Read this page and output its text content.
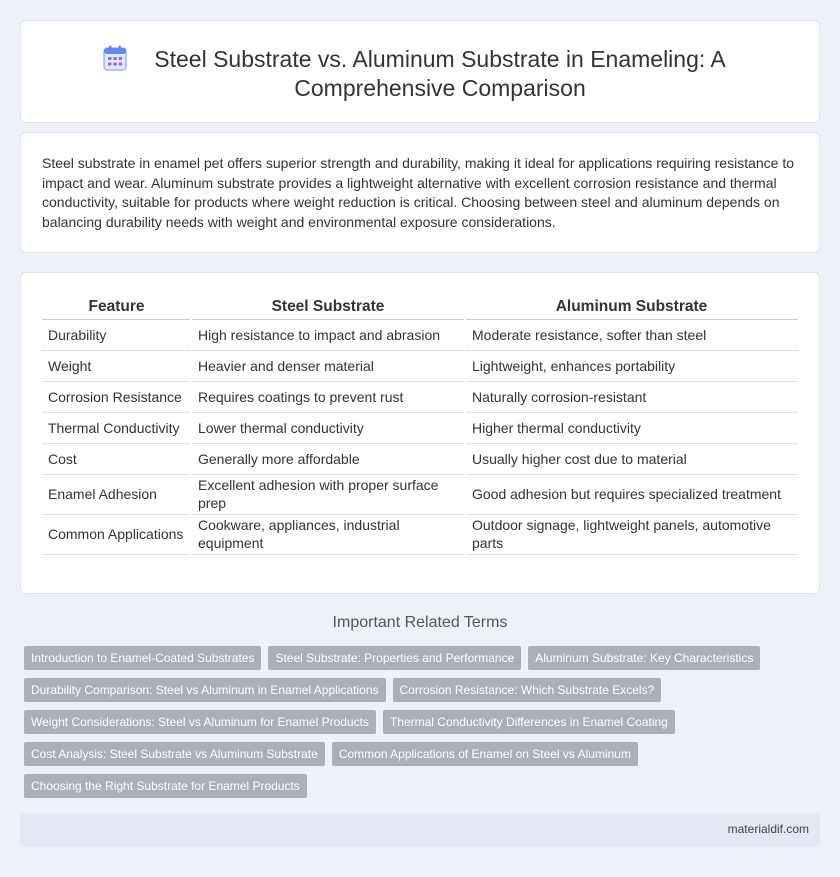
Steel Substrate vs. Aluminum Substrate in Enameling: A Comprehensive Comparison

Steel substrate in enamel pet offers superior strength and durability, making it ideal for applications requiring resistance to impact and wear. Aluminum substrate provides a lightweight alternative with excellent corrosion resistance and thermal conductivity, suitable for products where weight reduction is critical. Choosing between steel and aluminum depends on balancing durability needs with weight and environmental exposure considerations.

Feature	Steel Substrate	Aluminum Substrate
Durability	High resistance to impact and abrasion	Moderate resistance, softer than steel
Weight	Heavier and denser material	Lightweight, enhances portability
Corrosion Resistance	Requires coatings to prevent rust	Naturally corrosion-resistant
Thermal Conductivity	Lower thermal conductivity	Higher thermal conductivity
Cost	Generally more affordable	Usually higher cost due to material
Enamel Adhesion	Excellent adhesion with proper surface prep	Good adhesion but requires specialized treatment
Common Applications	Cookware, appliances, industrial equipment	Outdoor signage, lightweight panels, automotive parts
Important Related Terms
Introduction to Enamel-Coated Substrates	Steel Substrate: Properties and Performance	Aluminum Substrate: Key Characteristics
Durability Comparison: Steel vs Aluminum in Enamel Applications	Corrosion Resistance: Which Substrate Excels?
Weight Considerations: Steel vs Aluminum for Enamel Products	Thermal Conductivity Differences in Enamel Coating
Cost Analysis: Steel Substrate vs Aluminum Substrate	Common Applications of Enamel on Steel vs Aluminum
Choosing the Right Substrate for Enamel Products
materialdif.com
